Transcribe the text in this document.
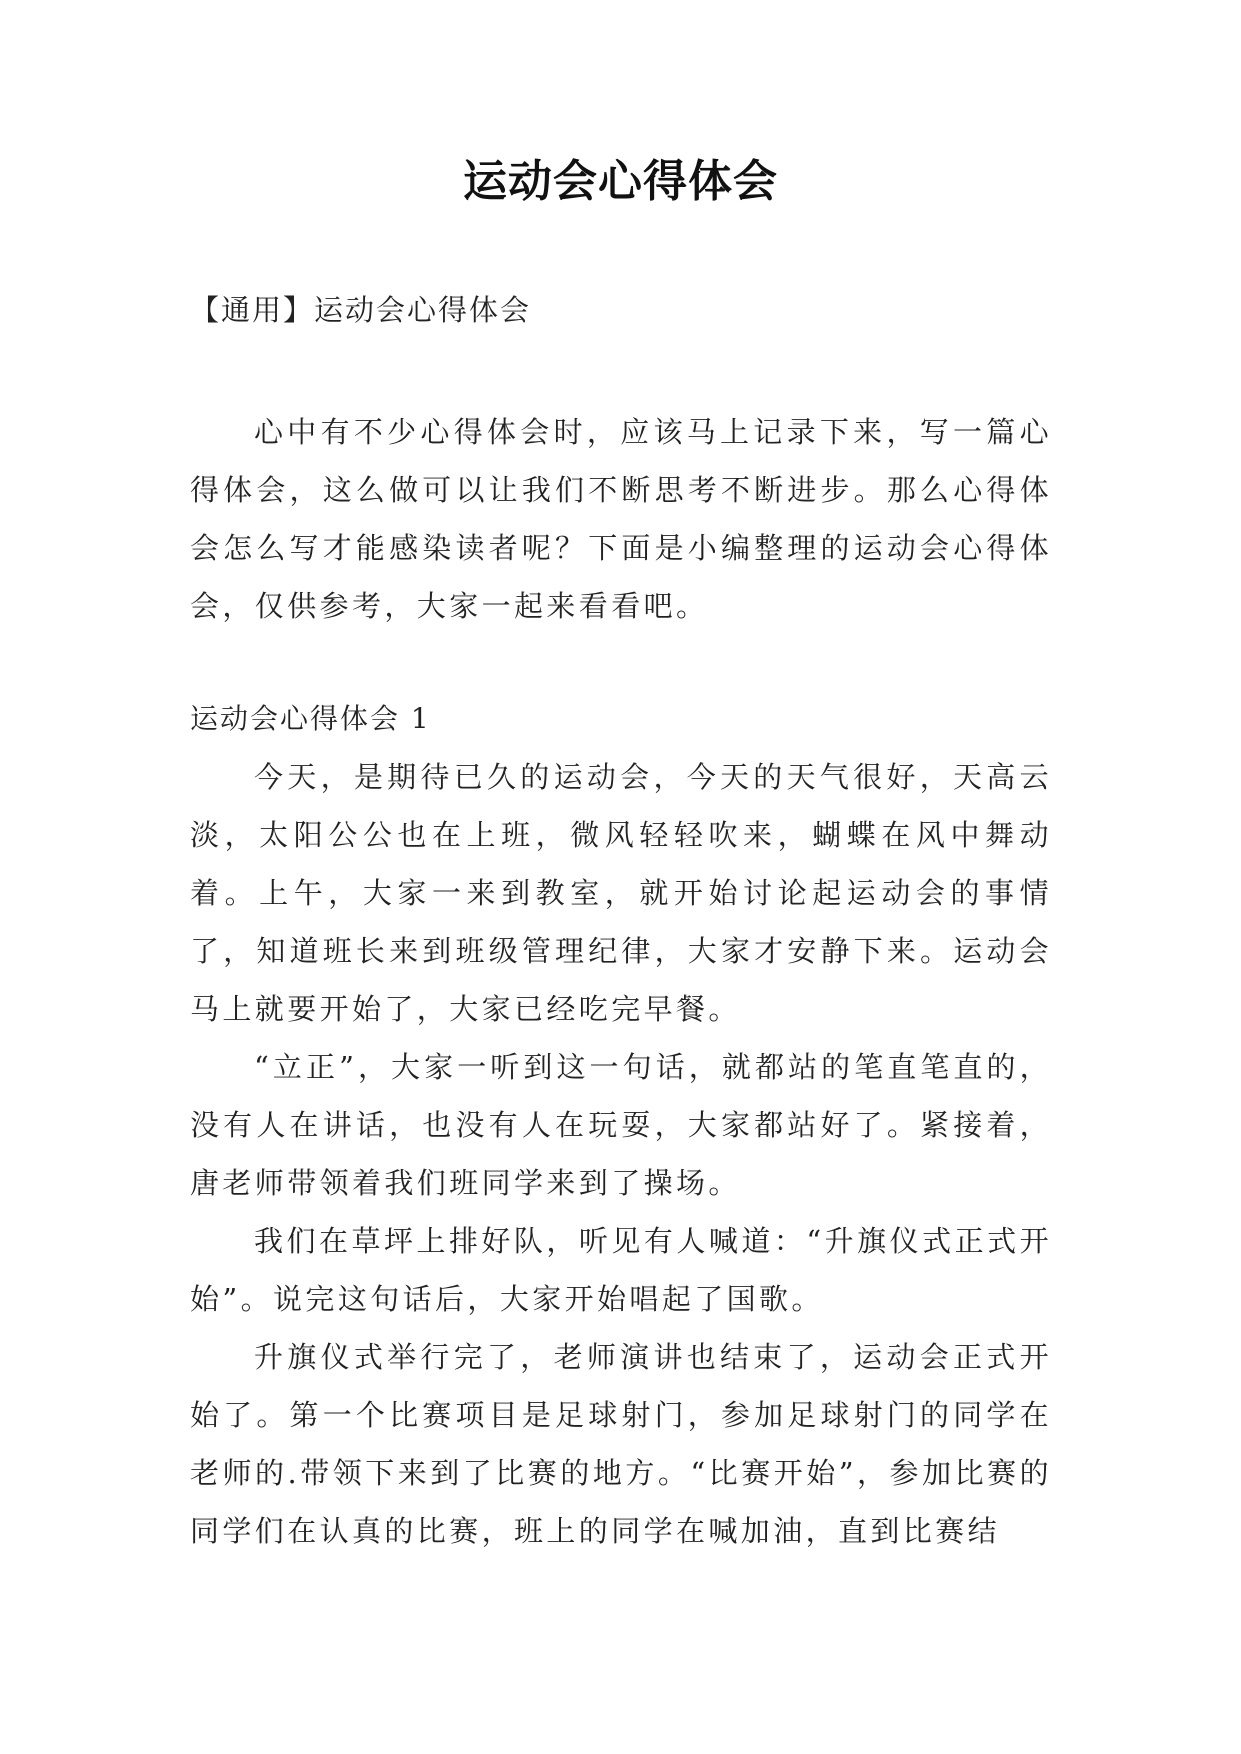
运动会心得体会

【通用】运动会心得体会

心中有不少心得体会时，应该马上记录下来，写一篇心得体会，这么做可以让我们不断思考不断进步。那么心得体会怎么写才能感染读者呢？下面是小编整理的运动会心得体会，仅供参考，大家一起来看看吧。

运动会心得体会 1

今天，是期待已久的运动会，今天的天气很好，天高云淡，太阳公公也在上班，微风轻轻吹来，蝴蝶在风中舞动着。上午，大家一来到教室，就开始讨论起运动会的事情了，知道班长来到班级管理纪律，大家才安静下来。运动会马上就要开始了，大家已经吃完早餐。

“立正”，大家一听到这一句话，就都站的笔直笔直的，没有人在讲话，也没有人在玩耍，大家都站好了。紧接着，唐老师带领着我们班同学来到了操场。

我们在草坪上排好队，听见有人喊道：“升旗仪式正式开始”。说完这句话后，大家开始唱起了国歌。

升旗仪式举行完了，老师演讲也结束了，运动会正式开始了。第一个比赛项目是足球射门，参加足球射门的同学在老师的.带领下来到了比赛的地方。“比赛开始”，参加比赛的同学们在认真的比赛，班上的同学在喊加油，直到比赛结
